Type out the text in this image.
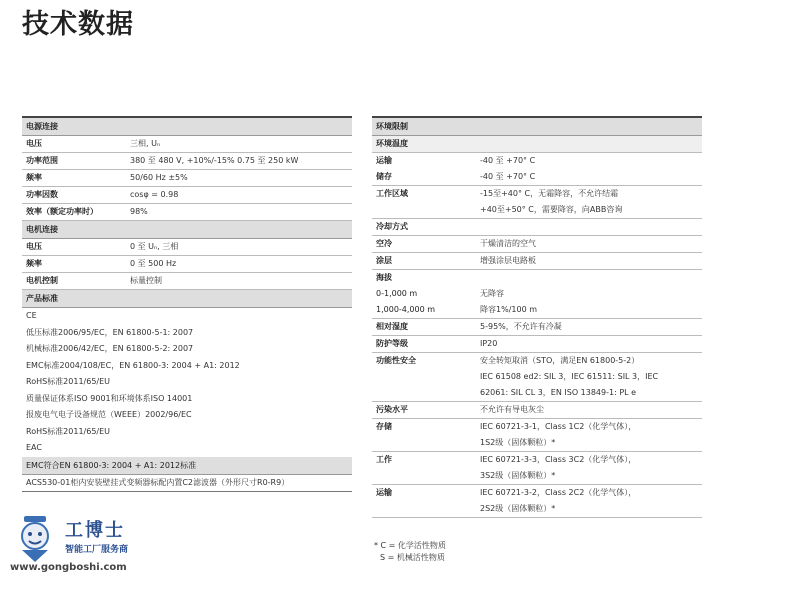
技术数据
电源连接
电压	三相, Uₙ
功率范围	380 至 480 V, +10%/-15% 0.75 至 250 kW
频率	50/60 Hz ±5%
功率因数	cosφ = 0.98
效率（额定功率时）	98%
电机连接
电压	0 至 Uₙ, 三相
频率	0 至 500 Hz
电机控制	标量控制
产品标准
CE
低压标准2006/95/EC，EN 61800-5-1: 2007
机械标准2006/42/EC，EN 61800-5-2: 2007
EMC标准2004/108/EC，EN 61800-3: 2004 + A1: 2012
RoHS标准2011/65/EU
质量保证体系ISO 9001和环境体系ISO 14001
报废电气电子设备规范（WEEE）2002/96/EC
RoHS标准2011/65/EU
EAC
EMC符合EN 61800-3: 2004 + A1: 2012标准
ACS530-01柜内安装壁挂式变频器标配内置C2滤波器（外形尺寸R0-R9）
环境限制
环境温度
运输	-40 至 +70° C
储存	-40 至 +70° C
工作区域	-15至+40° C，无霜降容，不允许结霜
+40至+50° C，需要降容，向ABB咨询
冷却方式
空冷	干燥清洁的空气
涂层	增强涂层电路板
海拔
0-1,000 m	无降容
1,000-4,000 m	降容1%/100 m
相对湿度	5-95%，不允许有冷凝
防护等级	IP20
功能性安全	安全转矩取消（STO，满足EN 61800-5-2）
IEC 61508 ed2: SIL 3，IEC 61511: SIL 3，IEC
62061: SIL CL 3，EN ISO 13849-1: PL e
污染水平	不允许有导电灰尘
存储	IEC 60721-3-1，Class 1C2（化学气体），
1S2级（固体颗粒）*
工作	IEC 60721-3-3，Class 3C2（化学气体），
3S2级（固体颗粒）*
运输	IEC 60721-3-2，Class 2C2（化学气体），
2S2级（固体颗粒）*
* C = 化学活性物质
S = 机械活性物质
工博士
智能工厂服务商
www.gongboshi.com
